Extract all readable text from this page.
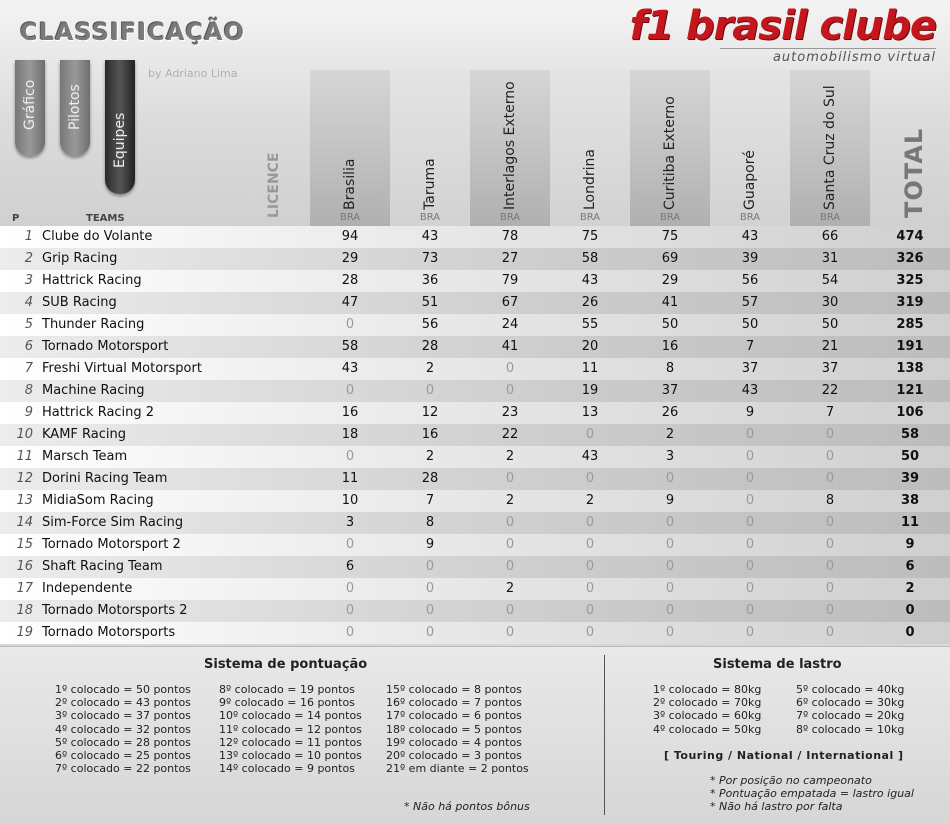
CLASSIFICAÇÃO	f1 brasil clube
automobilismo virtual
by Adriano Lima
Gráfico Pilotos
Equipes
LICENCE
P	TEAMS
TOTAL
Brasilia
BRA
Taruma
BRA
Interlagos Externo
BRA
Londrina
BRA
Curitiba Externo
BRA
Guaporé
BRA
Santa Cruz do Sul
BRA
1 Clube do Volante	94	43	78	75	75	43	66	474
2 Grip Racing	29	73	27	58	69	39	31	326
3 Hattrick Racing	28	36	79	43	29	56	54	325
4 SUB Racing	47	51	67	26	41	57	30	319
5 Thunder Racing	0	56	24	55	50	50	50	285
6 Tornado Motorsport	58	28	41	20	16	7	21	191
7 Freshi Virtual Motorsport	43	2	0	11	8	37	37	138
8 Machine Racing	0	0	0	19	37	43	22	121
9 Hattrick Racing 2	16	12	23	13	26	9	7	106
10 KAMF Racing	18	16	22	0	2	0	0	58
11 Marsch Team	0	2	2	43	3	0	0	50
12 Dorini Racing Team	11	28	0	0	0	0	0	39
13 MidiaSom Racing	10	7	2	2	9	0	8	38
14 Sim-Force Sim Racing	3	8	0	0	0	0	0	11
15 Tornado Motorsport 2	0	9	0	0	0	0	0	9
16 Shaft Racing Team	6	0	0	0	0	0	0	6
17 Independente	0	0	2	0	0	0	0	2
18 Tornado Motorsports 2	0	0	0	0	0	0	0	0
19 Tornado Motorsports	0	0	0	0	0	0	0	0
Sistema de pontuação
1º colocado = 50 pontos
2º colocado = 43 pontos
3º colocado = 37 pontos
4º colocado = 32 pontos
5º colocado = 28 pontos
6º colocado = 25 pontos
7º colocado = 22 pontos
8º colocado = 19 pontos
9º colocado = 16 pontos
10º colocado = 14 pontos
11º colocado = 12 pontos
12º colocado = 11 pontos
13º colocado = 10 pontos
14º colocado = 9 pontos
15º colocado = 8 pontos
16º colocado = 7 pontos
17º colocado = 6 pontos
18º colocado = 5 pontos
19º colocado = 4 pontos
20º colocado = 3 pontos
21º em diante = 2 pontos
* Não há pontos bônus
Sistema de lastro
1º colocado = 80kg
2º colocado = 70kg
3º colocado = 60kg
4º colocado = 50kg
5º colocado = 40kg
6º colocado = 30kg
7º colocado = 20kg
8º colocado = 10kg
[ Touring / National / International ]
* Por posição no campeonato
* Pontuação empatada = lastro igual
* Não há lastro por falta
